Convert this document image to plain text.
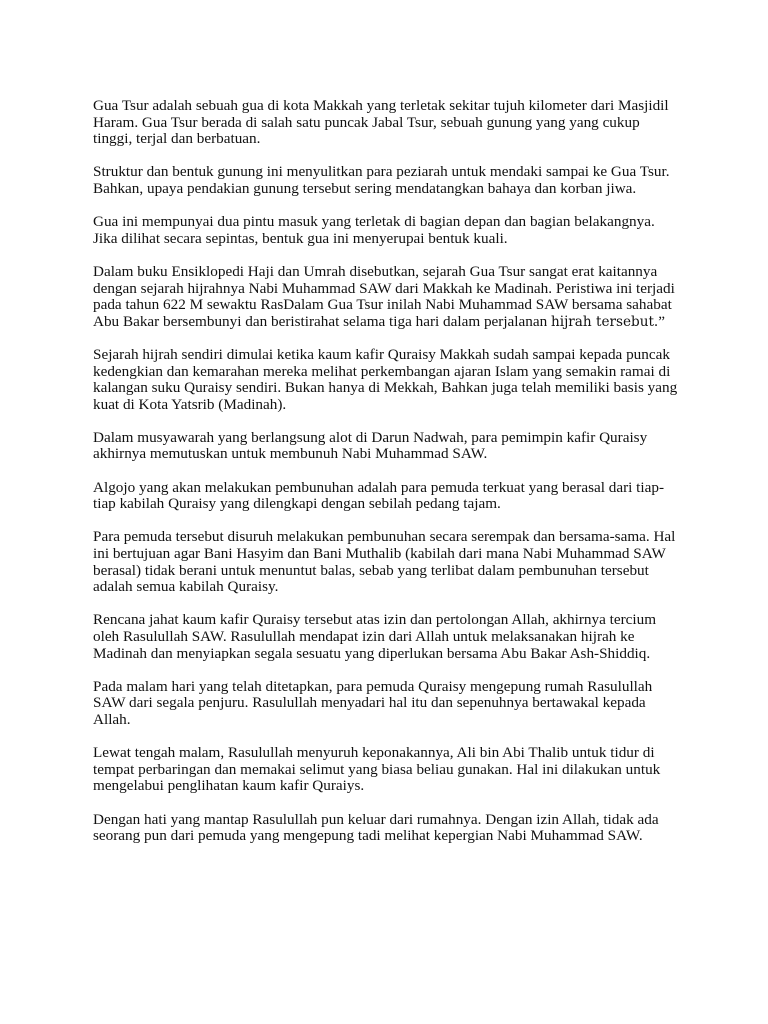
Gua Tsur adalah sebuah gua di kota Makkah yang terletak sekitar tujuh kilometer dari Masjidil Haram. Gua Tsur berada di salah satu puncak Jabal Tsur, sebuah gunung yang yang cukup tinggi, terjal dan berbatuan.

Struktur dan bentuk gunung ini menyulitkan para peziarah untuk mendaki sampai ke Gua Tsur. Bahkan, upaya pendakian gunung tersebut sering mendatangkan bahaya dan korban jiwa.

Gua ini mempunyai dua pintu masuk yang terletak di bagian depan dan bagian belakangnya. Jika dilihat secara sepintas, bentuk gua ini menyerupai bentuk kuali.

Dalam buku Ensiklopedi Haji dan Umrah disebutkan, sejarah Gua Tsur sangat erat kaitannya dengan sejarah hijrahnya Nabi Muhammad SAW dari Makkah ke Madinah. Peristiwa ini terjadi pada tahun 622 M sewaktu RasDalam Gua Tsur inilah Nabi Muhammad SAW bersama sahabat Abu Bakar bersembunyi dan beristirahat selama tiga hari dalam perjalanan hijrah tersebut.”

Sejarah hijrah sendiri dimulai ketika kaum kafir Quraisy Makkah sudah sampai kepada puncak kedengkian dan kemarahan mereka melihat perkembangan ajaran Islam yang semakin ramai di kalangan suku Quraisy sendiri. Bukan hanya di Mekkah, Bahkan juga telah memiliki basis yang kuat di Kota Yatsrib (Madinah).

Dalam musyawarah yang berlangsung alot di Darun Nadwah, para pemimpin kafir Quraisy akhirnya memutuskan untuk membunuh Nabi Muhammad SAW.

Algojo yang akan melakukan pembunuhan adalah para pemuda terkuat yang berasal dari tiap-tiap kabilah Quraisy yang dilengkapi dengan sebilah pedang tajam.

Para pemuda tersebut disuruh melakukan pembunuhan secara serempak dan bersama-sama. Hal ini bertujuan agar Bani Hasyim dan Bani Muthalib (kabilah dari mana Nabi Muhammad SAW berasal) tidak berani untuk menuntut balas, sebab yang terlibat dalam pembunuhan tersebut adalah semua kabilah Quraisy.

Rencana jahat kaum kafir Quraisy tersebut atas izin dan pertolongan Allah, akhirnya tercium oleh Rasulullah SAW. Rasulullah mendapat izin dari Allah untuk melaksanakan hijrah ke Madinah dan menyiapkan segala sesuatu yang diperlukan bersama Abu Bakar Ash-Shiddiq.

Pada malam hari yang telah ditetapkan, para pemuda Quraisy mengepung rumah Rasulullah SAW dari segala penjuru. Rasulullah menyadari hal itu dan sepenuhnya bertawakal kepada Allah.

Lewat tengah malam, Rasulullah menyuruh keponakannya, Ali bin Abi Thalib untuk tidur di tempat perbaringan dan memakai selimut yang biasa beliau gunakan. Hal ini dilakukan untuk mengelabui penglihatan kaum kafir Quraiys.

Dengan hati yang mantap Rasulullah pun keluar dari rumahnya. Dengan izin Allah, tidak ada seorang pun dari pemuda yang mengepung tadi melihat kepergian Nabi Muhammad SAW.
